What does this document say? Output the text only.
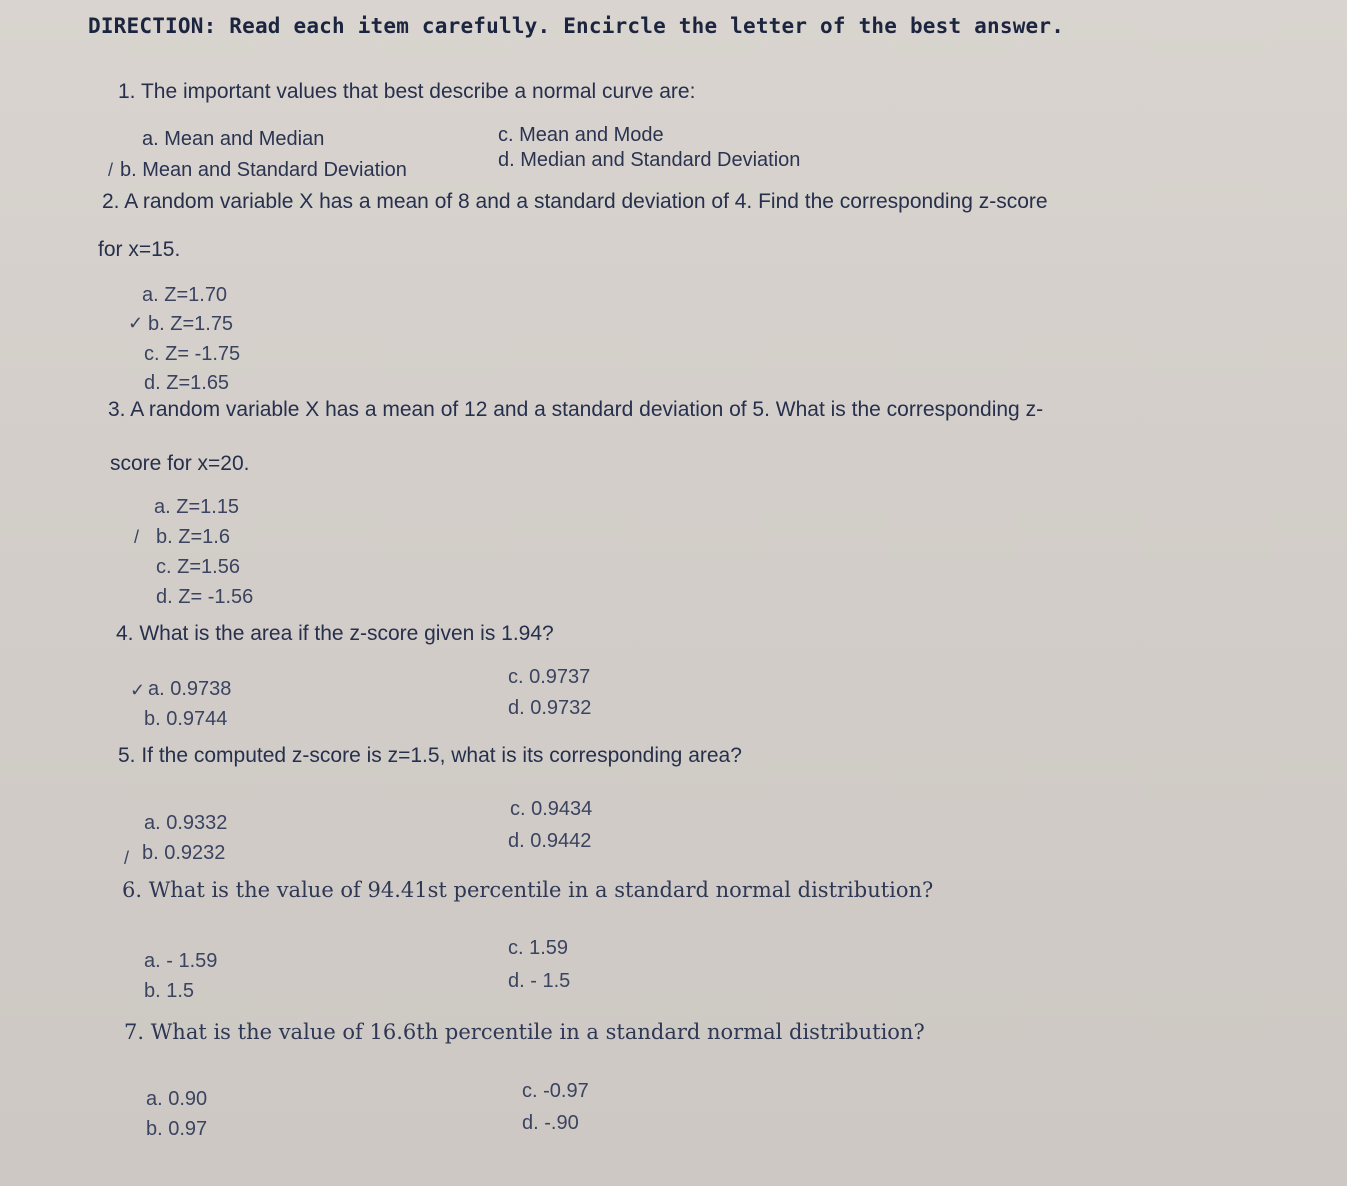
DIRECTION: Read each item carefully. Encircle the letter of the best answer.
1. The important values that best describe a normal curve are:
a. Mean and Median	c. Mean and Mode
/ b. Mean and Standard Deviation	d. Median and Standard Deviation
2. A random variable X has a mean of 8 and a standard deviation of 4. Find the corresponding z-score
for x=15.
a. Z=1.70
✓ b. Z=1.75
c. Z= -1.75
d. Z=1.65
3. A random variable X has a mean of 12 and a standard deviation of 5. What is the corresponding z-
score for x=20.
a. Z=1.15
/ b. Z=1.6
c. Z=1.56
d. Z= -1.56
4. What is the area if the z-score given is 1.94?
✓ a. 0.9738
c. 0.9737
b. 0.9744	d. 0.9732
5. If the computed z-score is z=1.5, what is its corresponding area?
c. 0.9434
a. 0.9332
d. 0.9442
/ b. 0.9232
6. What is the value of 94.41st percentile in a standard normal distribution?
c. 1.59
a. - 1.59
d. - 1.5
b. 1.5
7. What is the value of 16.6th percentile in a standard normal distribution?
c. -0.97
a. 0.90
d. -.90
b. 0.97
